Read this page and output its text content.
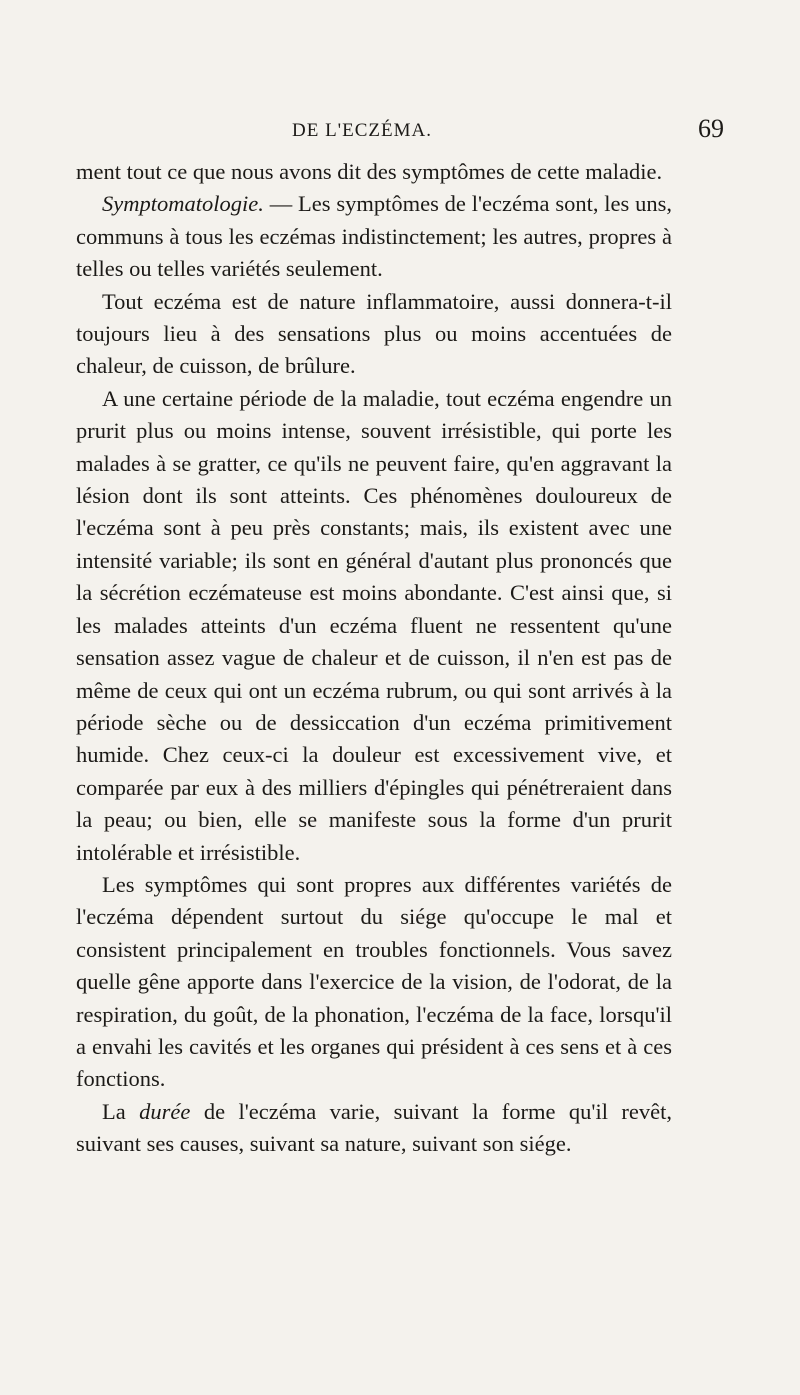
DE L'ECZÉMA.	69

ment tout ce que nous avons dit des symptômes de cette maladie.

Symptomatologie. — Les symptômes de l'eczéma sont, les uns, communs à tous les eczémas indistinctement; les autres, propres à telles ou telles variétés seulement.

Tout eczéma est de nature inflammatoire, aussi donnera-t-il toujours lieu à des sensations plus ou moins accentuées de chaleur, de cuisson, de brûlure.

A une certaine période de la maladie, tout eczéma engendre un prurit plus ou moins intense, souvent irrésistible, qui porte les malades à se gratter, ce qu'ils ne peuvent faire, qu'en aggravant la lésion dont ils sont atteints. Ces phénomènes douloureux de l'eczéma sont à peu près constants; mais, ils existent avec une intensité variable; ils sont en général d'autant plus prononcés que la sécrétion eczémateuse est moins abondante. C'est ainsi que, si les malades atteints d'un eczéma fluent ne ressentent qu'une sensation assez vague de chaleur et de cuisson, il n'en est pas de même de ceux qui ont un eczéma rubrum, ou qui sont arrivés à la période sèche ou de dessiccation d'un eczéma primitivement humide. Chez ceux-ci la douleur est excessivement vive, et comparée par eux à des milliers d'épingles qui pénétreraient dans la peau; ou bien, elle se manifeste sous la forme d'un prurit intolérable et irrésistible.

Les symptômes qui sont propres aux différentes variétés de l'eczéma dépendent surtout du siége qu'occupe le mal et consistent principalement en troubles fonctionnels. Vous savez quelle gêne apporte dans l'exercice de la vision, de l'odorat, de la respiration, du goût, de la phonation, l'eczéma de la face, lorsqu'il a envahi les cavités et les organes qui président à ces sens et à ces fonctions.

La durée de l'eczéma varie, suivant la forme qu'il revêt, suivant ses causes, suivant sa nature, suivant son siége.
